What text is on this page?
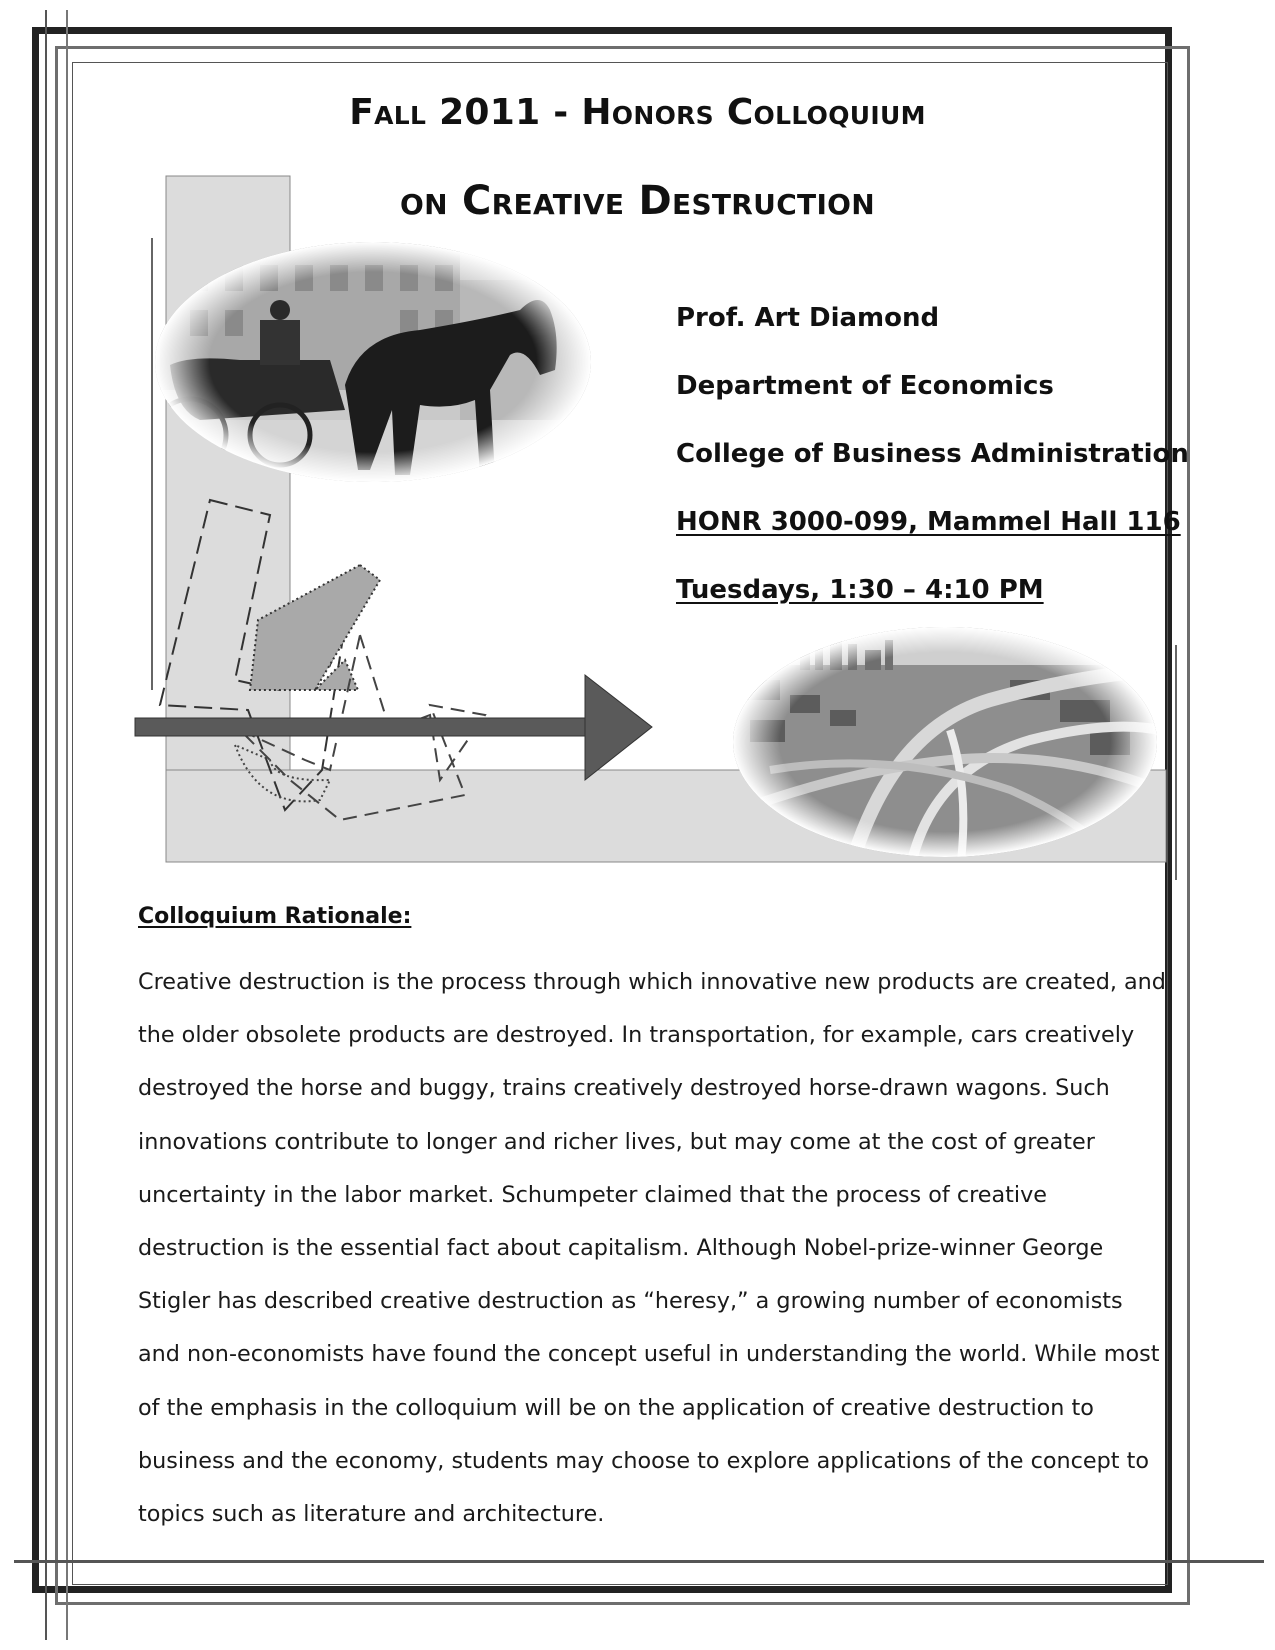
Fall 2011 - Honors Colloquium
on Creative Destruction
Prof. Art Diamond
Department of Economics
College of Business Administration
HONR 3000-099, Mammel Hall 116
Tuesdays, 1:30 – 4:10 PM
Colloquium Rationale:

Creative destruction is the process through which innovative new products are created, and the older obsolete products are destroyed. In transportation, for example, cars creatively destroyed the horse and buggy, trains creatively destroyed horse-drawn wagons. Such innovations contribute to longer and richer lives, but may come at the cost of greater uncertainty in the labor market. Schumpeter claimed that the process of creative destruction is the essential fact about capitalism. Although Nobel-prize-winner George Stigler has described creative destruction as “heresy,” a growing number of economists and non-economists have found the concept useful in understanding the world. While most of the emphasis in the colloquium will be on the application of creative destruction to business and the economy, students may choose to explore applications of the concept to topics such as literature and architecture.
